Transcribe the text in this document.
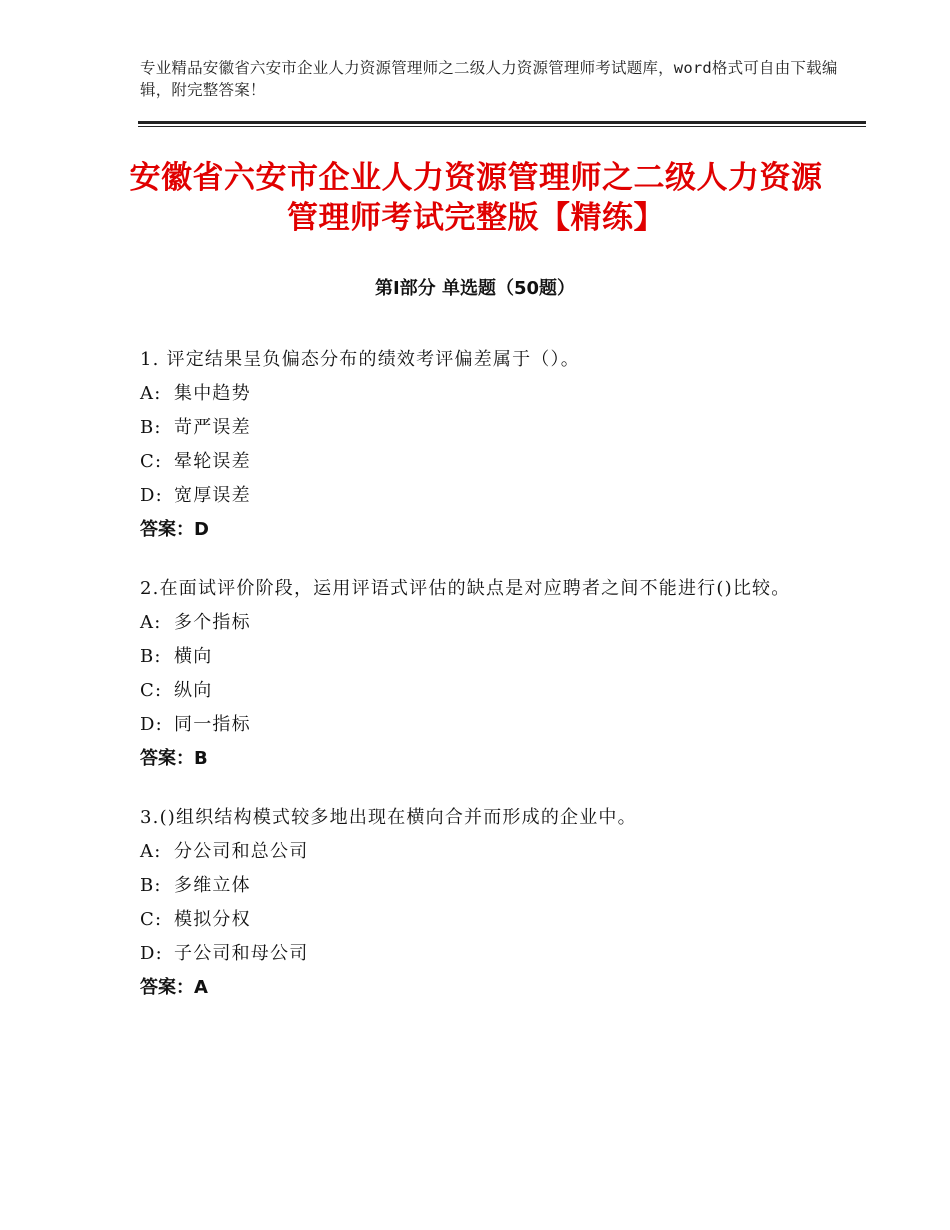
专业精品安徽省六安市企业人力资源管理师之二级人力资源管理师考试题库，word格式可自由下载编辑，附完整答案！
安徽省六安市企业人力资源管理师之二级人力资源管理师考试完整版【精练】
第Ⅰ部分 单选题（50题）
1. 评定结果呈负偏态分布的绩效考评偏差属于（）。
A: 集中趋势
B: 苛严误差
C: 晕轮误差
D: 宽厚误差
答案：D
2.在面试评价阶段，运用评语式评估的缺点是对应聘者之间不能进行()比较。
A: 多个指标
B: 横向
C: 纵向
D: 同一指标
答案：B
3.()组织结构模式较多地出现在横向合并而形成的企业中。
A: 分公司和总公司
B: 多维立体
C: 模拟分权
D: 子公司和母公司
答案：A
